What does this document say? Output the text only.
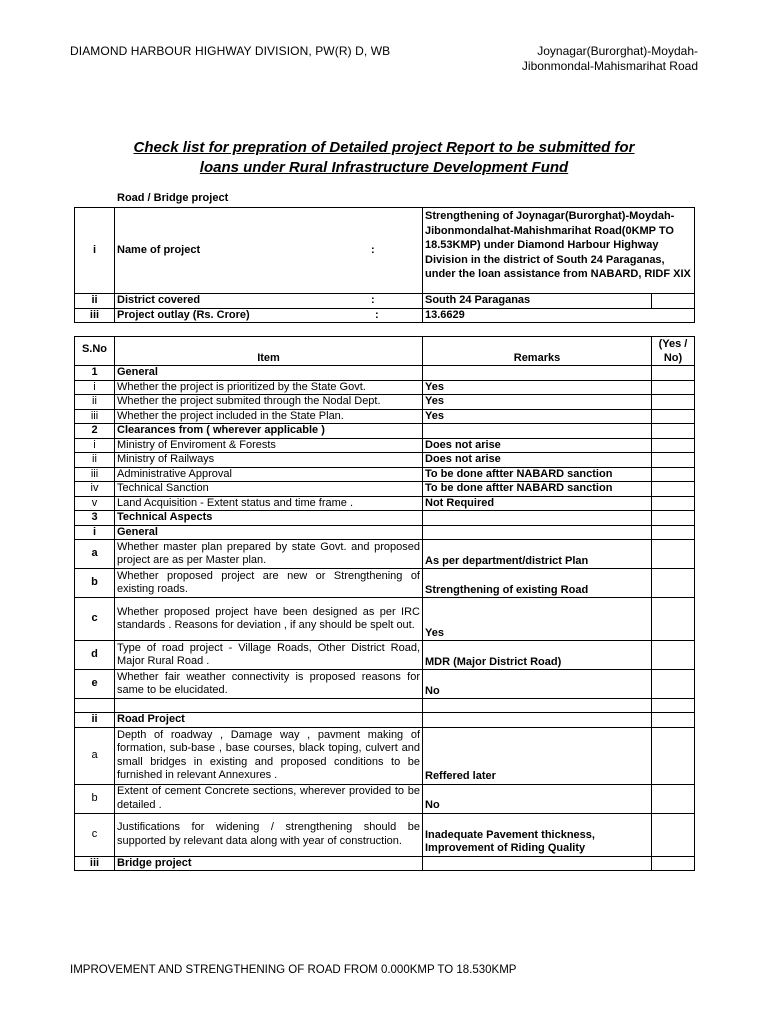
DIAMOND HARBOUR HIGHWAY DIVISION, PW(R) D, WB	Joynagar(Burorghat)-Moydah-
Jibonmondal-Mahismarihat Road
Check list for prepration of Detailed project Report to be submitted for
loans under Rural Infrastructure Development Fund
Road / Bridge project
i	Name of project :	Strengthening of Joynagar(Burorghat)-Moydah-Jibonmondalhat-Mahishmarihat Road(0KMP TO 18.53KMP) under Diamond Harbour Highway Division in the district of South 24 Paraganas, under the loan assistance from NABARD, RIDF XIX	
ii	District covered :	South 24 Paraganas	
iii	Project outlay (Rs. Crore) :	13.6629	
S.No	Item	Remarks	(Yes / No)
1	General		
i	Whether the project is prioritized by the State Govt.	Yes	
ii	Whether the project submited through the Nodal Dept.	Yes	
iii	Whether the project included in the State Plan.	Yes	
2	Clearances from ( wherever applicable )		
i	Ministry of Enviroment & Forests	Does not arise	
ii	Ministry of Railways	Does not arise	
iii	Administrative Approval	To be done aftter NABARD sanction	
iv	Technical Sanction	To be done aftter NABARD sanction	
v	Land Acquisition - Extent status and time frame .	Not Required	
3	Technical Aspects		
i	General		
a	Whether master plan prepared by state Govt. and proposed project are as per Master plan.	As per department/district Plan	
b	Whether proposed project are new or Strengthening of existing roads.	Strengthening of existing Road	
c	Whether proposed project have been designed as per IRC standards . Reasons for deviation , if any should be spelt out.	Yes	
d	Type of road project - Village Roads, Other District Road, Major Rural Road .	MDR (Major District Road)	
e	Whether fair weather connectivity is proposed reasons for same to be elucidated.	No	

ii	Road Project		
a	Depth of roadway , Damage way , pavment making of formation, sub-base , base courses, black toping, culvert and small bridges in existing and proposed conditions to be furnished in relevant Annexures .	Reffered later	
b	Extent of cement Concrete sections, wherever provided to be detailed .	No	
c	Justifications for widening / strengthening should be supported by relevant data along with year of construction.	Inadequate Pavement thickness, Improvement of Riding Quality	
iii	Bridge project		
IMPROVEMENT AND STRENGTHENING OF ROAD FROM 0.000KMP TO 18.530KMP
